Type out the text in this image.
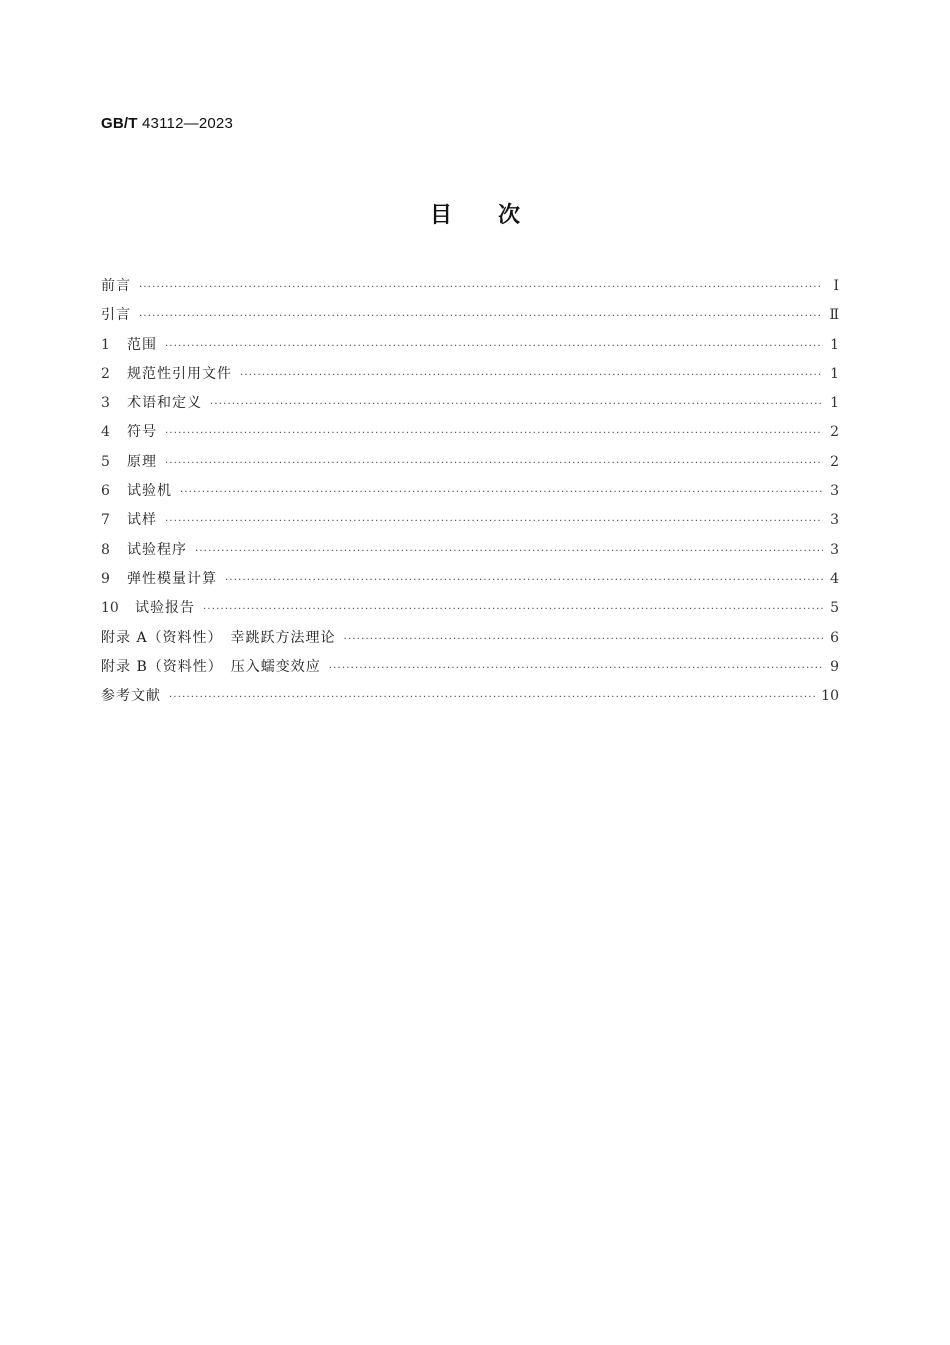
GB/T 43112—2023
目次
前言 ·····	Ⅰ
引言 ·····	Ⅱ
1	范围 ·····	1
2	规范性引用文件 ·····	1
3	术语和定义 ·····	1
4	符号 ·····	2
5	原理 ·····	2
6	试验机 ·····	3
7	试样 ·····	3
8	试验程序 ·····	3
9	弹性模量计算 ·····	4
10	试验报告 ·····	5
附录 A（资料性）　幸跳跃方法理论 ·····	6
附录 B（资料性）　压入蠕变效应 ·····	9
参考文献 ·····	10
